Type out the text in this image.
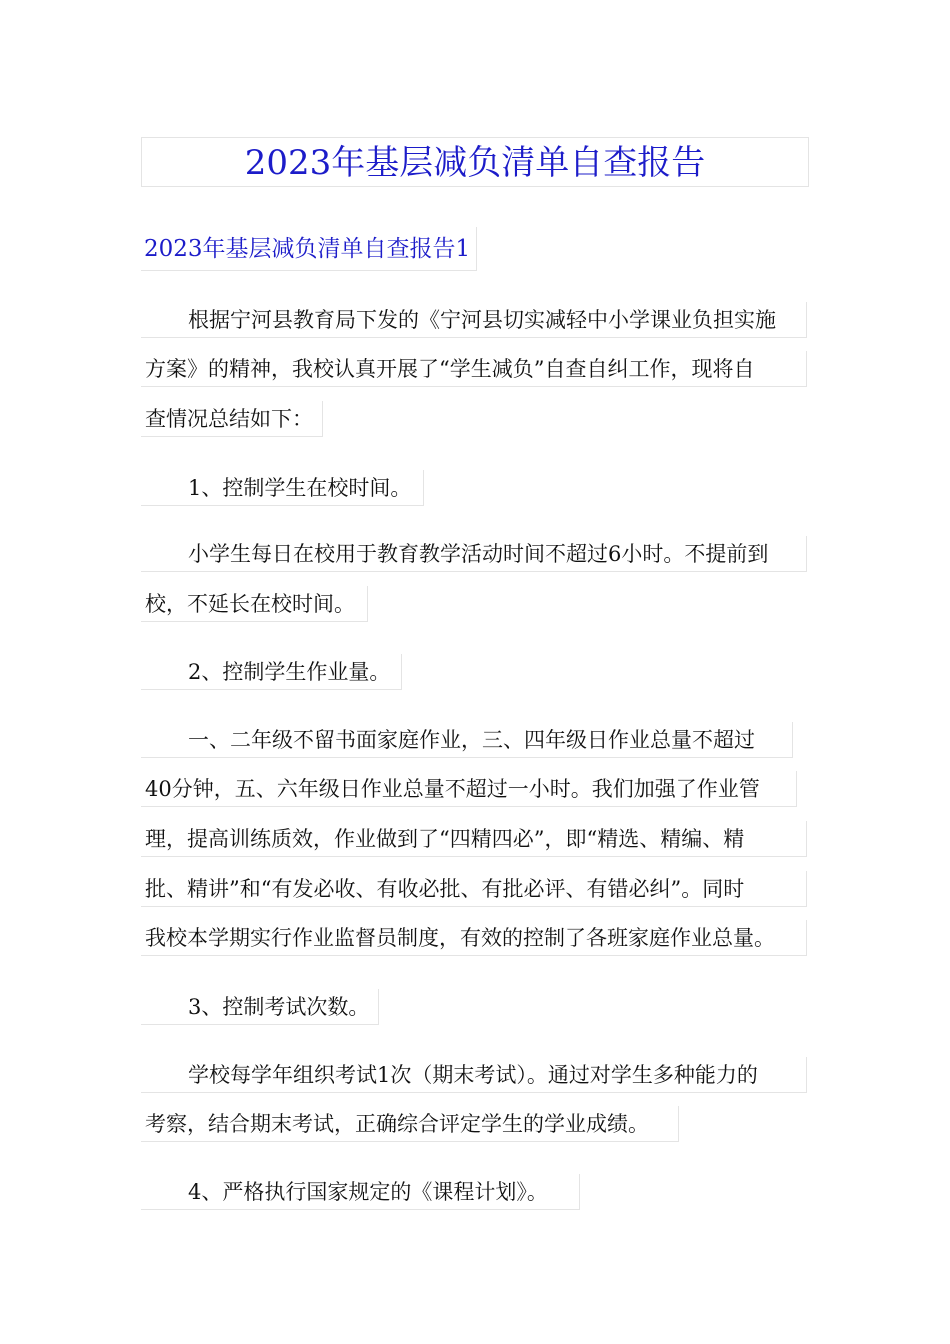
2023年基层减负清单自查报告
2023年基层减负清单自查报告1
根据宁河县教育局下发的《宁河县切实减轻中小学课业负担实施
方案》的精神，我校认真开展了“学生减负”自查自纠工作，现将自
查情况总结如下：
1、控制学生在校时间。
小学生每日在校用于教育教学活动时间不超过6小时。不提前到
校，不延长在校时间。
2、控制学生作业量。
一、二年级不留书面家庭作业，三、四年级日作业总量不超过
40分钟，五、六年级日作业总量不超过一小时。我们加强了作业管
理，提高训练质效，作业做到了“四精四必”，即“精选、精编、精
批、精讲”和“有发必收、有收必批、有批必评、有错必纠”。同时
我校本学期实行作业监督员制度，有效的控制了各班家庭作业总量。
3、控制考试次数。
学校每学年组织考试1次（期末考试）。通过对学生多种能力的
考察，结合期末考试，正确综合评定学生的学业成绩。
4、严格执行国家规定的《课程计划》。
